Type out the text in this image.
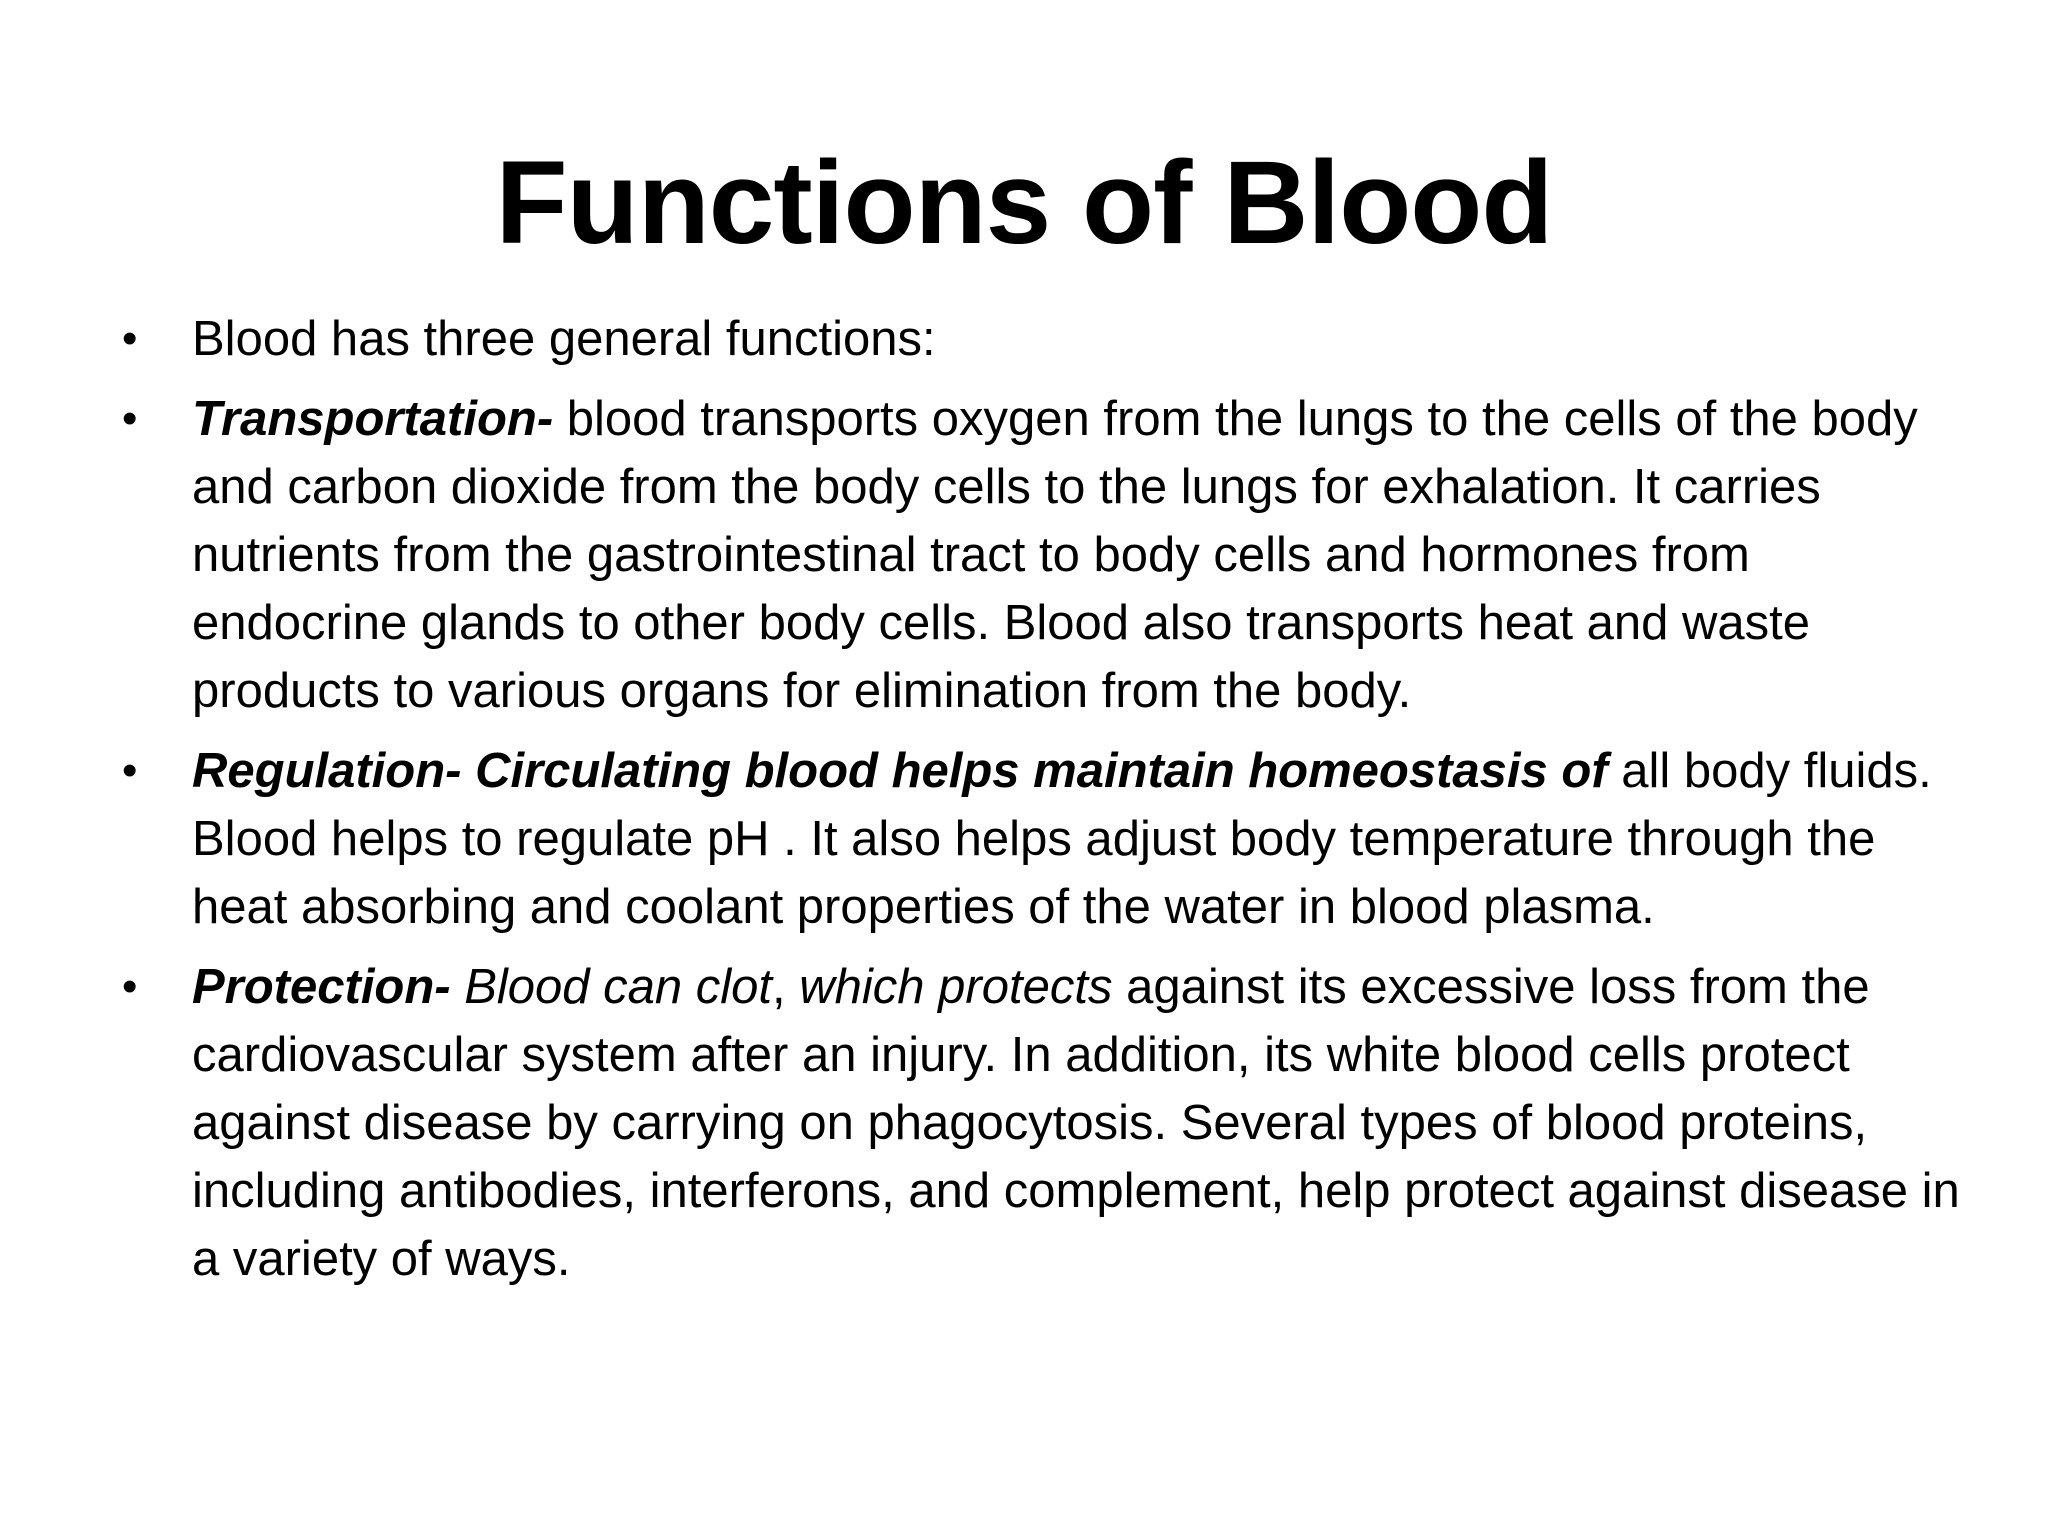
Functions of Blood
• Blood has three general functions:
• Transportation- blood transports oxygen from the lungs to the cells of the body and carbon dioxide from the body cells to the lungs for exhalation. It carries nutrients from the gastrointestinal tract to body cells and hormones from endocrine glands to other body cells. Blood also transports heat and waste products to various organs for elimination from the body.
• Regulation- Circulating blood helps maintain homeostasis of all body fluids. Blood helps to regulate pH . It also helps adjust body temperature through the heat absorbing and coolant properties of the water in blood plasma.
• Protection- Blood can clot, which protects against its excessive loss from the cardiovascular system after an injury. In addition, its white blood cells protect against disease by carrying on phagocytosis. Several types of blood proteins, including antibodies, interferons, and complement, help protect against disease in a variety of ways.
